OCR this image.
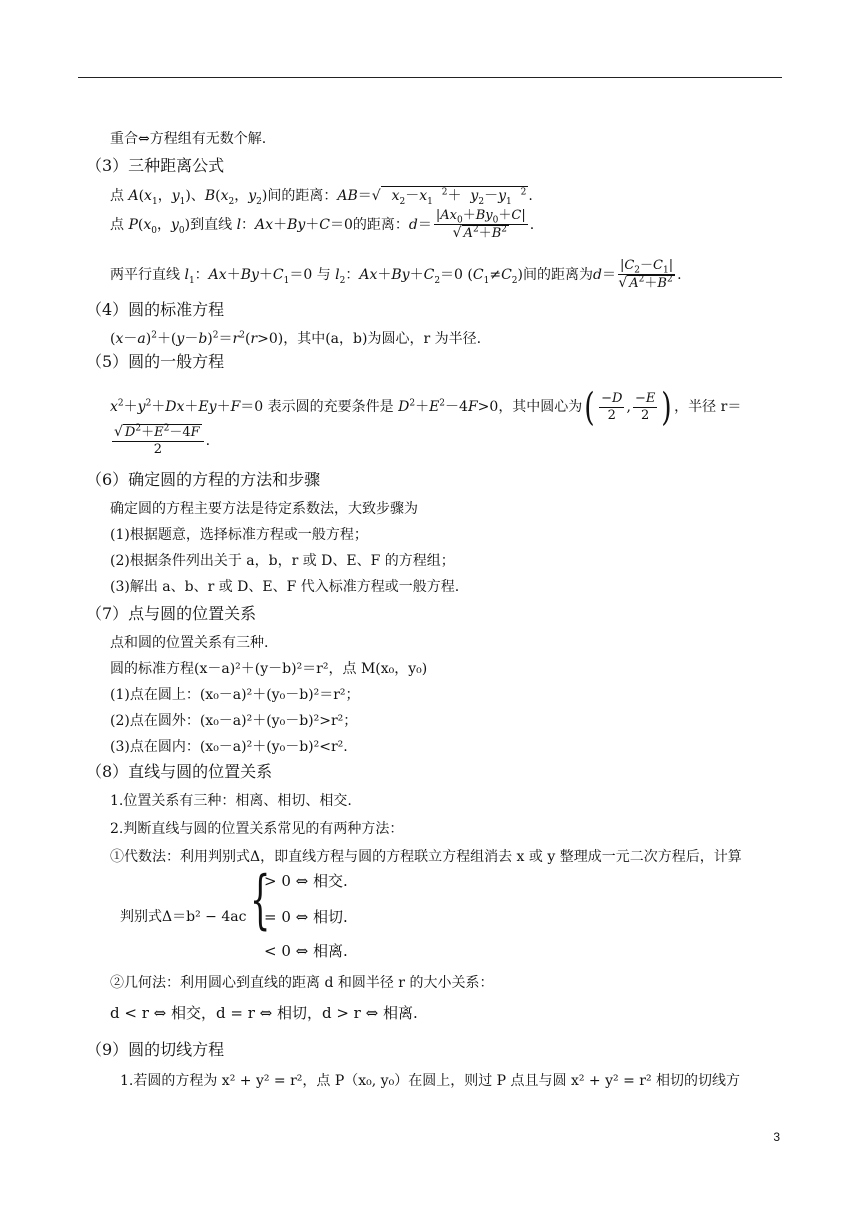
重合⇔方程组有无数个解.
（3）三种距离公式
点 $A(x_1$，$y_1$)、$B(x_2$，$y_2$)间的距离：AB＝√ $x_2-x_1$  $^2+ y_2-y_1$  $^2$ .
点 $P(x_0$，$y_0$)到直线 l：Ax＋By＋C＝0的距离：$d= \frac{|Ax_0+By_0+C|}{√ A^2+B^2}$ .
两平行直线 $l_1$：$Ax+By+C_1=0$ 与 $l_2$：$Ax+By+C_2=0$ $(C_1\ne C_2)$间的距离为$d= \frac{|C_2-C_1|}{√ A^2+B^2}$ .
（4）圆的标准方程
$(x-a)^2+(y-b)^2=r^2(r>0)$，其中(a，b)为圆心，r 为半径.
（5）圆的一般方程
$x^2+y^2+Dx+Ey+F=0$ 表示圆的充要条件是 $D^2+E^2-4F>0$，其中圆心为( $\frac{-D}{2}$ , $\frac{-E}{2}$ ) ，半径 r＝
$\frac{√ D^2+E^2-4F}{2}$ .
（6）确定圆的方程的方法和步骤
确定圆的方程主要方法是待定系数法，大致步骤为
(1)根据题意，选择标准方程或一般方程；
(2)根据条件列出关于 a，b，r 或 D、E、F 的方程组；
(3)解出 a、b、r 或 D、E、F 代入标准方程或一般方程.
（7）点与圆的位置关系
点和圆的位置关系有三种.
圆的标准方程(x－a)²＋(y－b)²＝r²，点 M(x₀，y₀)
(1)点在圆上：(x₀－a)²＋(y₀－b)²＝r²；
(2)点在圆外：(x₀－a)²＋(y₀－b)²>r²；
(3)点在圆内：(x₀－a)²＋(y₀－b)²<r².
（8）直线与圆的位置关系
1.位置关系有三种：相离、相切、相交.
2.判断直线与圆的位置关系常见的有两种方法：
①代数法：利用判别式Δ，即直线方程与圆的方程联立方程组消去 x 或 y 整理成一元二次方程后，计算
判别式Δ＝b² − 4ac {
> 0 ⇔ 相交.
= 0 ⇔ 相切.
< 0 ⇔ 相离.
②几何法：利用圆心到直线的距离 d 和圆半径 r 的大小关系：
d < r ⇔ 相交，d = r ⇔ 相切，d > r ⇔ 相离.
（9）圆的切线方程
1.若圆的方程为 x² + y² = r²，点 P（x₀, y₀）在圆上，则过 P 点且与圆 x² + y² = r² 相切的切线方
3
